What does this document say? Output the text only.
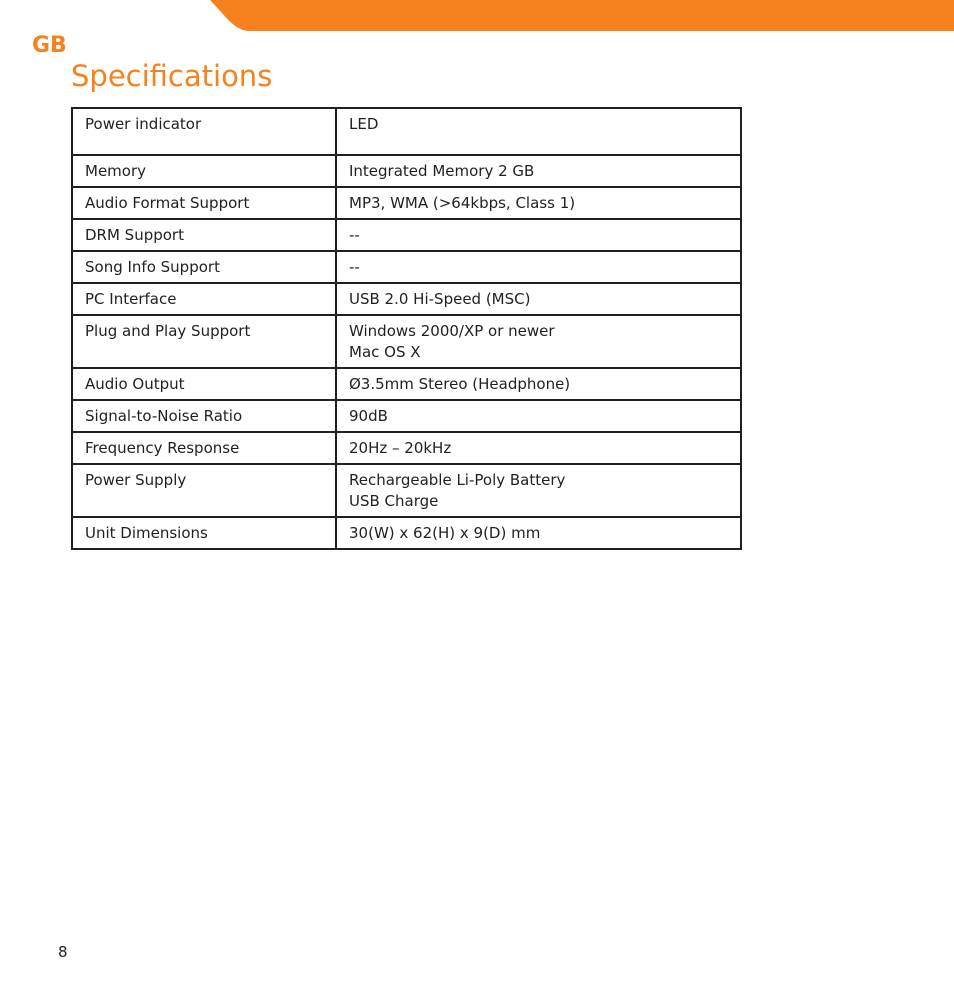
GB
Specifications
Power indicator	LED
Memory	Integrated Memory 2 GB
Audio Format Support	MP3, WMA (>64kbps, Class 1)
DRM Support	--
Song Info Support	--
PC Interface	USB 2.0 Hi-Speed (MSC)
Plug and Play Support	Windows 2000/XP or newer
Mac OS X

Audio Output	Ø3.5mm Stereo (Headphone)
Signal-to-Noise Ratio	90dB
Frequency Response	20Hz – 20kHz
Power Supply	Rechargeable Li-Poly Battery
USB Charge

Unit Dimensions	30(W) x 62(H) x 9(D) mm
8
